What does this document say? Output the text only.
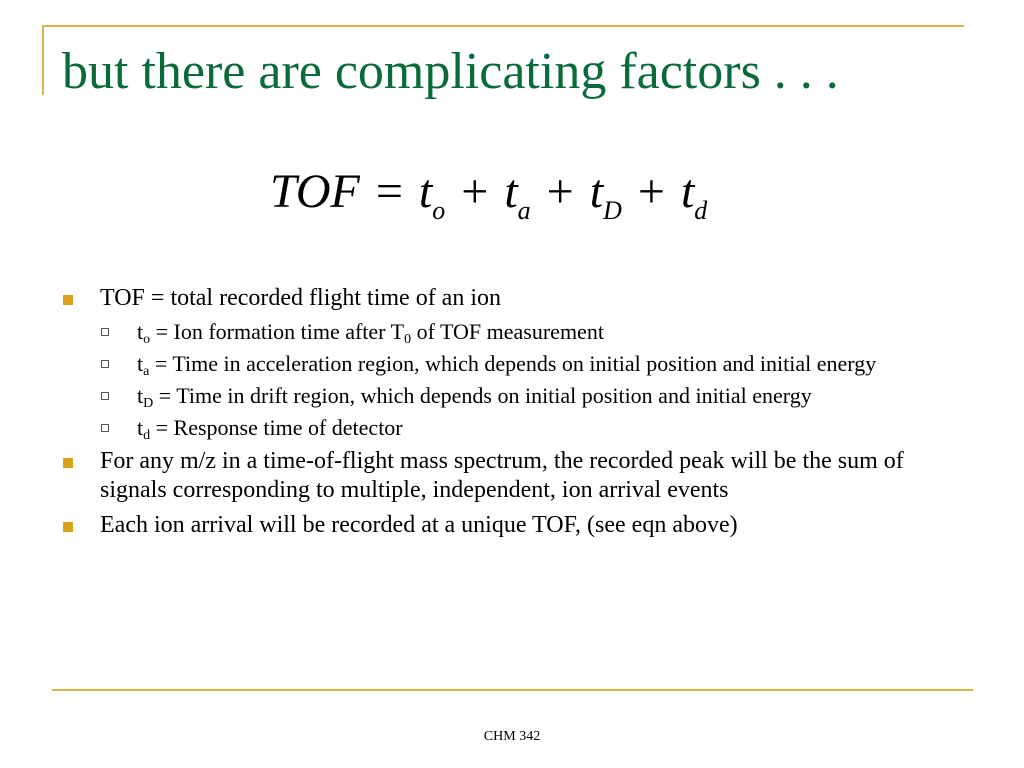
but there are complicating factors . . .
TOF = $t_o + t_a + t_D + t_d$
TOF = total recorded flight time of an ion
$t_o$ = Ion formation time after $T_0$ of TOF measurement
$t_a$ = Time in acceleration region, which depends on initial position and initial energy
$t_D$ = Time in drift region, which depends on initial position and initial energy
$t_d$ = Response time of detector
For any m/z in a time-of-flight mass spectrum, the recorded peak will be the sum of signals corresponding to multiple, independent, ion arrival events
Each ion arrival will be recorded at a unique TOF, (see eqn above)
CHM 342
